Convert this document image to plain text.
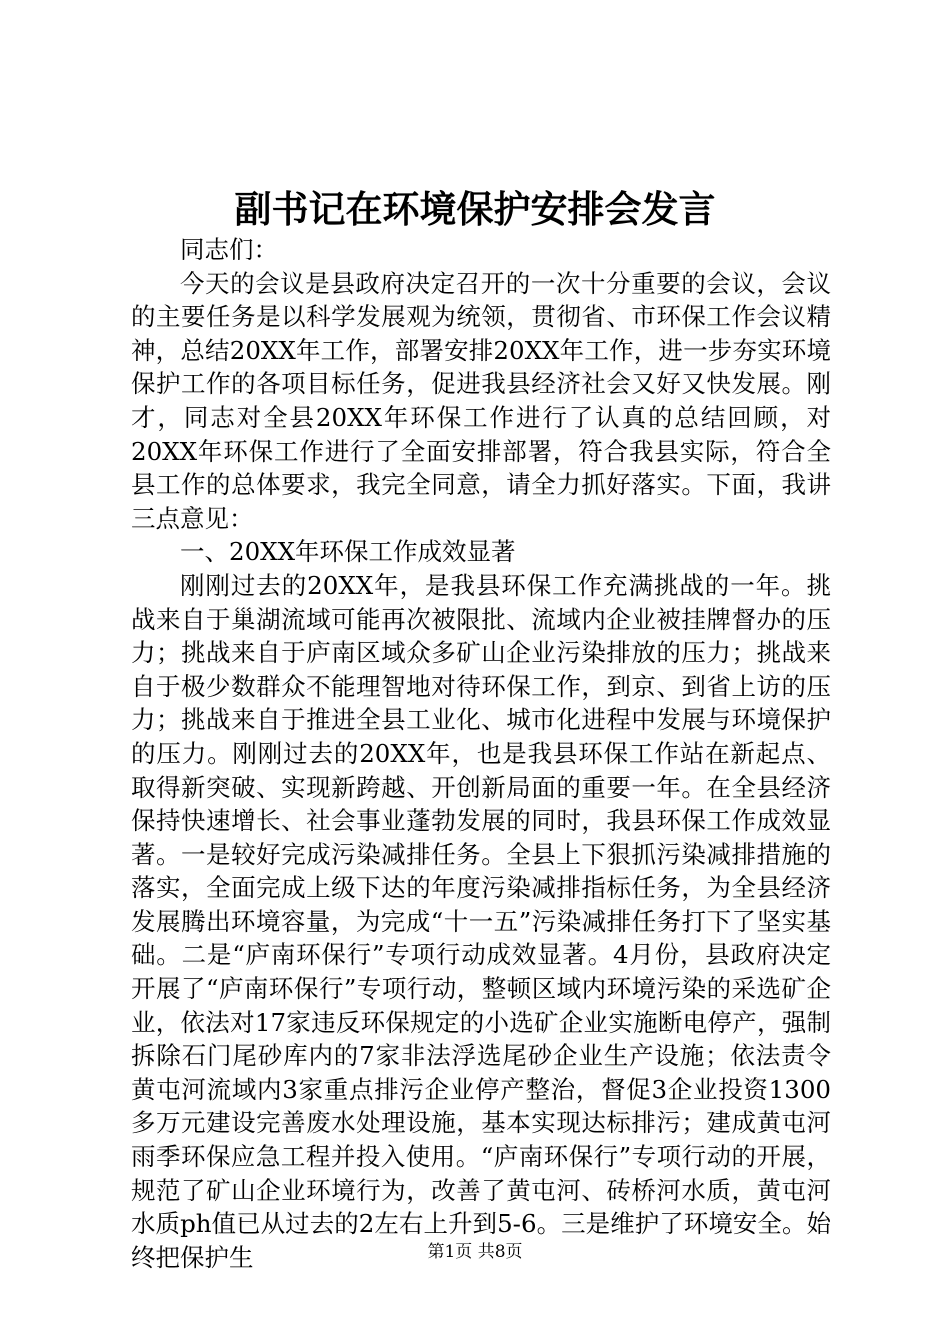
副书记在环境保护安排会发言

同志们：

今天的会议是县政府决定召开的一次十分重要的会议，会议的主要任务是以科学发展观为统领，贯彻省、市环保工作会议精神，总结20XX年工作，部署安排20XX年工作，进一步夯实环境保护工作的各项目标任务，促进我县经济社会又好又快发展。刚才，同志对全县20XX年环保工作进行了认真的总结回顾，对20XX年环保工作进行了全面安排部署，符合我县实际，符合全县工作的总体要求，我完全同意，请全力抓好落实。下面，我讲三点意见：

一、20XX年环保工作成效显著

刚刚过去的20XX年，是我县环保工作充满挑战的一年。挑战来自于巢湖流域可能再次被限批、流域内企业被挂牌督办的压力；挑战来自于庐南区域众多矿山企业污染排放的压力；挑战来自于极少数群众不能理智地对待环保工作，到京、到省上访的压力；挑战来自于推进全县工业化、城市化进程中发展与环境保护的压力。刚刚过去的20XX年，也是我县环保工作站在新起点、取得新突破、实现新跨越、开创新局面的重要一年。在全县经济保持快速增长、社会事业蓬勃发展的同时，我县环保工作成效显著。一是较好完成污染减排任务。全县上下狠抓污染减排措施的落实，全面完成上级下达的年度污染减排指标任务，为全县经济发展腾出环境容量，为完成“十一五”污染减排任务打下了坚实基础。二是“庐南环保行”专项行动成效显著。4月份，县政府决定开展了“庐南环保行”专项行动，整顿区域内环境污染的采选矿企业，依法对17家违反环保规定的小选矿企业实施断电停产，强制拆除石门尾砂库内的7家非法浮选尾砂企业生产设施；依法责令黄屯河流域内3家重点排污企业停产整治，督促3企业投资1300多万元建设完善废水处理设施，基本实现达标排污；建成黄屯河雨季环保应急工程并投入使用。“庐南环保行”专项行动的开展，规范了矿山企业环境行为，改善了黄屯河、砖桥河水质，黄屯河水质ph值已从过去的2左右上升到5-6。三是维护了环境安全。始终把保护生	第1页 共8页
